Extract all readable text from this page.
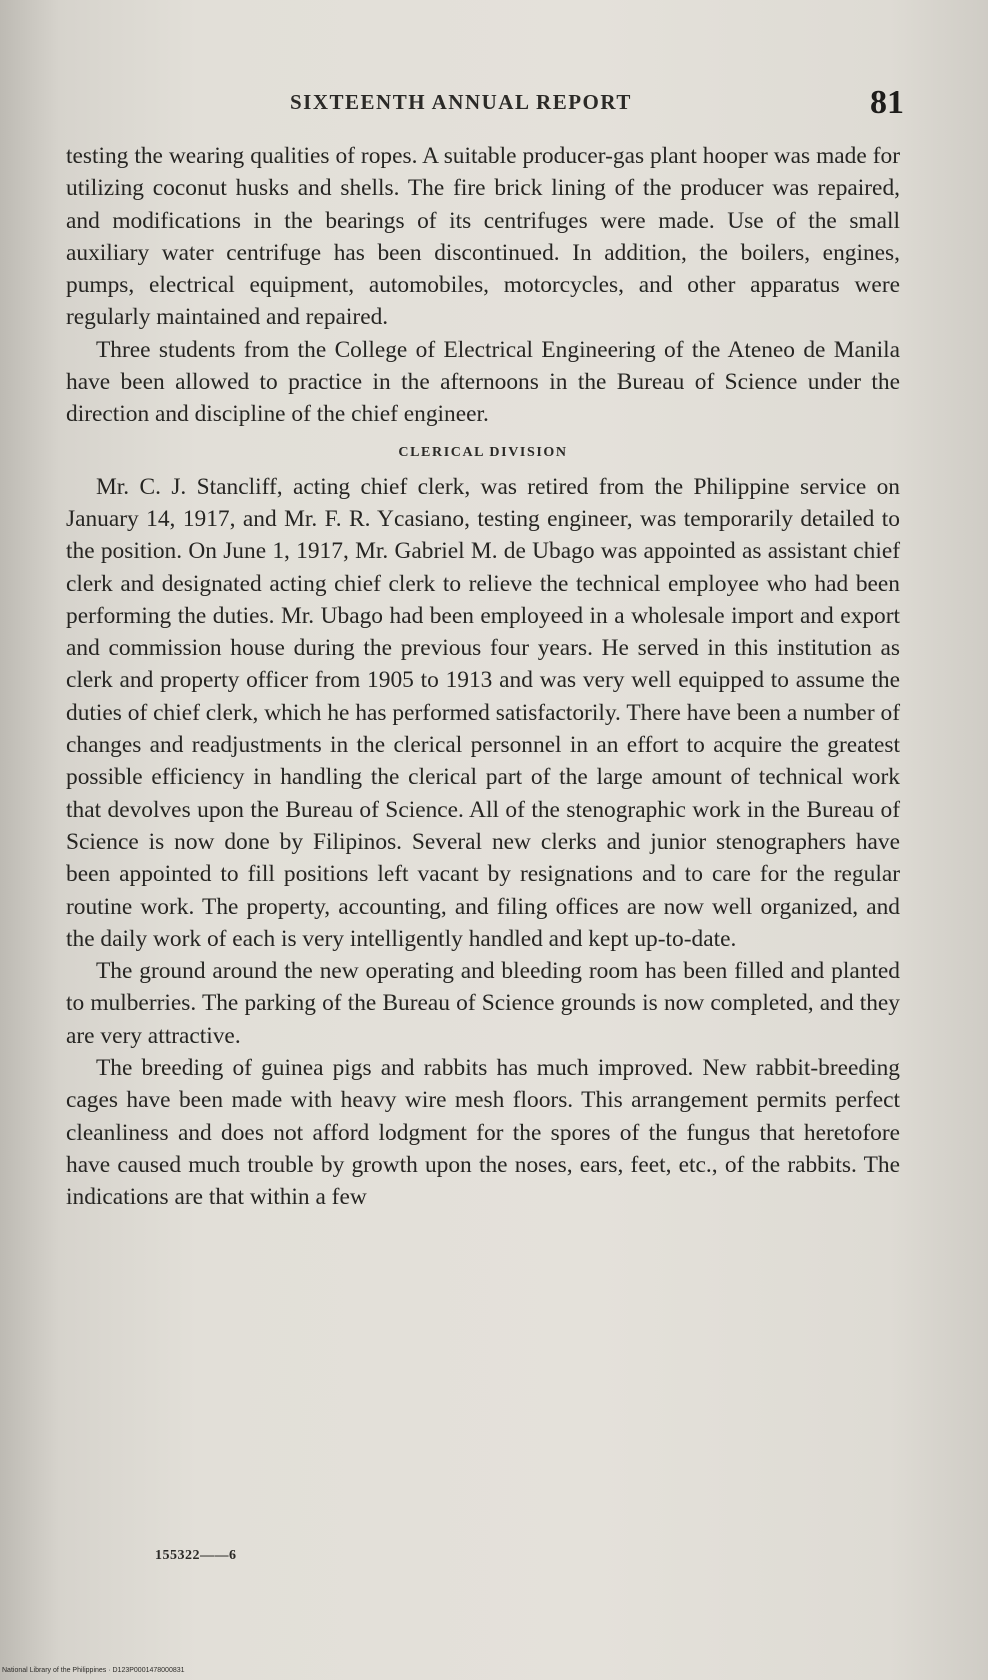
SIXTEENTH ANNUAL REPORT	81

testing the wearing qualities of ropes. A suitable producer-gas plant hooper was made for utilizing coconut husks and shells. The fire brick lining of the producer was repaired, and modifications in the bearings of its centrifuges were made. Use of the small auxiliary water centrifuge has been discontinued. In addition, the boilers, engines, pumps, electrical equipment, automobiles, motorcycles, and other apparatus were regularly maintained and repaired.

Three students from the College of Electrical Engineering of the Ateneo de Manila have been allowed to practice in the afternoons in the Bureau of Science under the direction and discipline of the chief engineer.

CLERICAL DIVISION

Mr. C. J. Stancliff, acting chief clerk, was retired from the Philippine service on January 14, 1917, and Mr. F. R. Ycasiano, testing engineer, was temporarily detailed to the position. On June 1, 1917, Mr. Gabriel M. de Ubago was appointed as assistant chief clerk and designated acting chief clerk to relieve the technical employee who had been performing the duties. Mr. Ubago had been employeed in a wholesale import and export and commission house during the previous four years. He served in this institution as clerk and property officer from 1905 to 1913 and was very well equipped to assume the duties of chief clerk, which he has performed satisfactorily. There have been a number of changes and readjustments in the clerical personnel in an effort to acquire the greatest possible efficiency in handling the clerical part of the large amount of technical work that devolves upon the Bureau of Science. All of the stenographic work in the Bureau of Science is now done by Filipinos. Several new clerks and junior stenographers have been appointed to fill positions left vacant by resignations and to care for the regular routine work. The property, accounting, and filing offices are now well organized, and the daily work of each is very intelligently handled and kept up-to-date.

The ground around the new operating and bleeding room has been filled and planted to mulberries. The parking of the Bureau of Science grounds is now completed, and they are very attractive.

The breeding of guinea pigs and rabbits has much improved. New rabbit-breeding cages have been made with heavy wire mesh floors. This arrangement permits perfect cleanliness and does not afford lodgment for the spores of the fungus that heretofore have caused much trouble by growth upon the noses, ears, feet, etc., of the rabbits. The indications are that within a few

155322——6
National Library of the Philippines · D123P0001478000831
